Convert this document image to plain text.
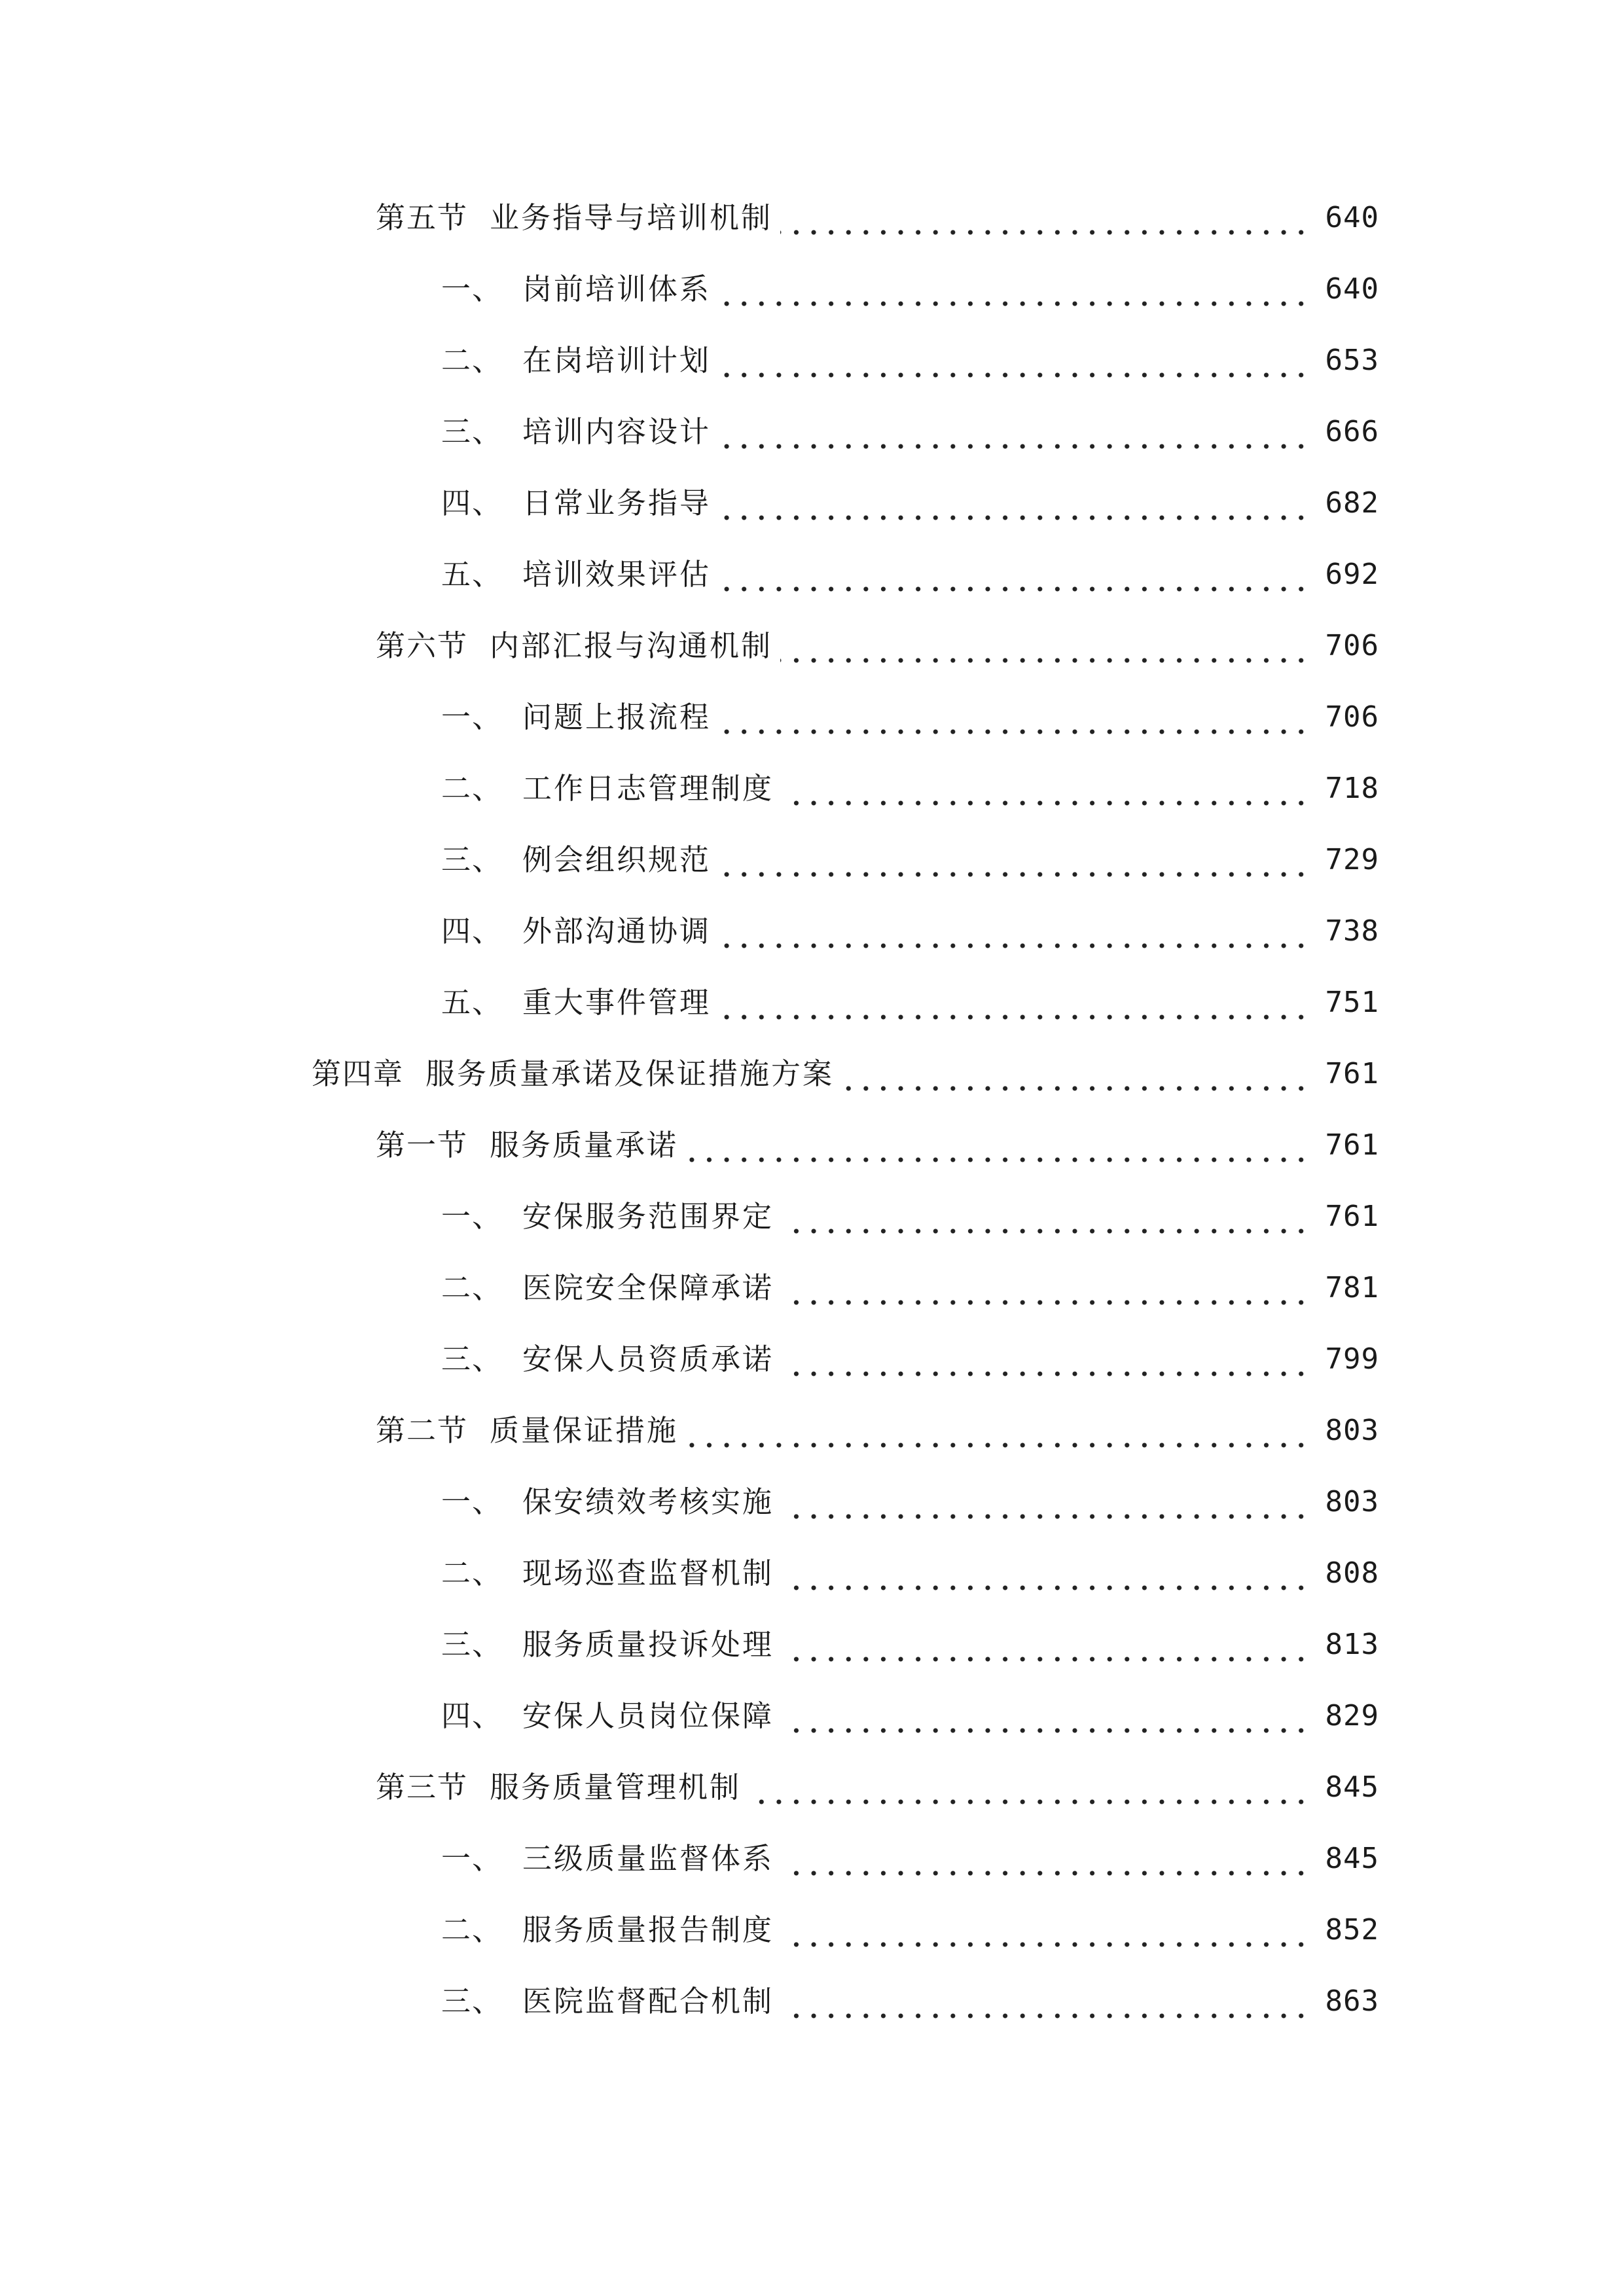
第五节 业务指导与培训机制	640
一、 岗前培训体系	640
二、 在岗培训计划	653
三、 培训内容设计	666
四、 日常业务指导	682
五、 培训效果评估	692
第六节 内部汇报与沟通机制	706
一、 问题上报流程	706
二、 工作日志管理制度	718
三、 例会组织规范	729
四、 外部沟通协调	738
五、 重大事件管理	751
第四章 服务质量承诺及保证措施方案	761
第一节 服务质量承诺	761
一、 安保服务范围界定	761
二、 医院安全保障承诺	781
三、 安保人员资质承诺	799
第二节 质量保证措施	803
一、 保安绩效考核实施	803
二、 现场巡查监督机制	808
三、 服务质量投诉处理	813
四、 安保人员岗位保障	829
第三节 服务质量管理机制	845
一、 三级质量监督体系	845
二、 服务质量报告制度	852
三、 医院监督配合机制	863
